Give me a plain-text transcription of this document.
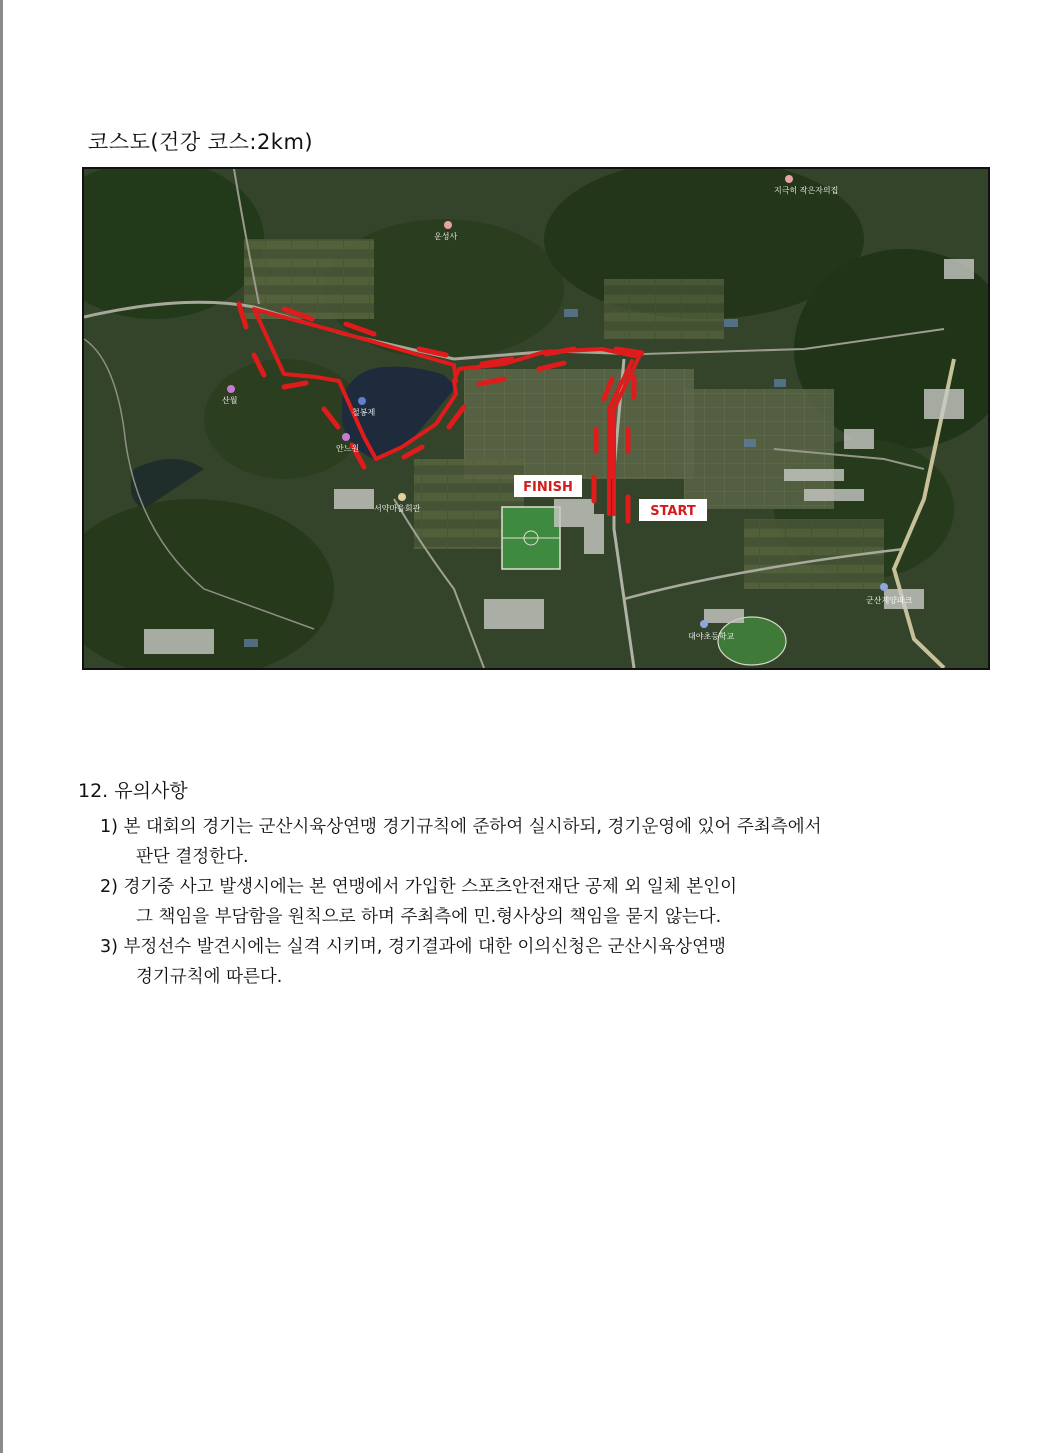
코스도(건강 코스:2km)
운성사
지극히 작은자의집
철봉제
산월
안느원
서약마을회관
군산계양파크
대야초등학교
FINISH
START
12. 유의사항
1) 본 대회의 경기는 군산시육상연맹 경기규칙에 준하여 실시하되, 경기운영에 있어 주최측에서
판단 결정한다.
2) 경기중 사고 발생시에는 본 연맹에서 가입한 스포츠안전재단 공제 외 일체 본인이
그 책임을 부담함을 원칙으로 하며 주최측에 민.형사상의 책임을 묻지 않는다.
3) 부정선수 발견시에는 실격 시키며, 경기결과에 대한 이의신청은 군산시육상연맹
경기규칙에 따른다.
